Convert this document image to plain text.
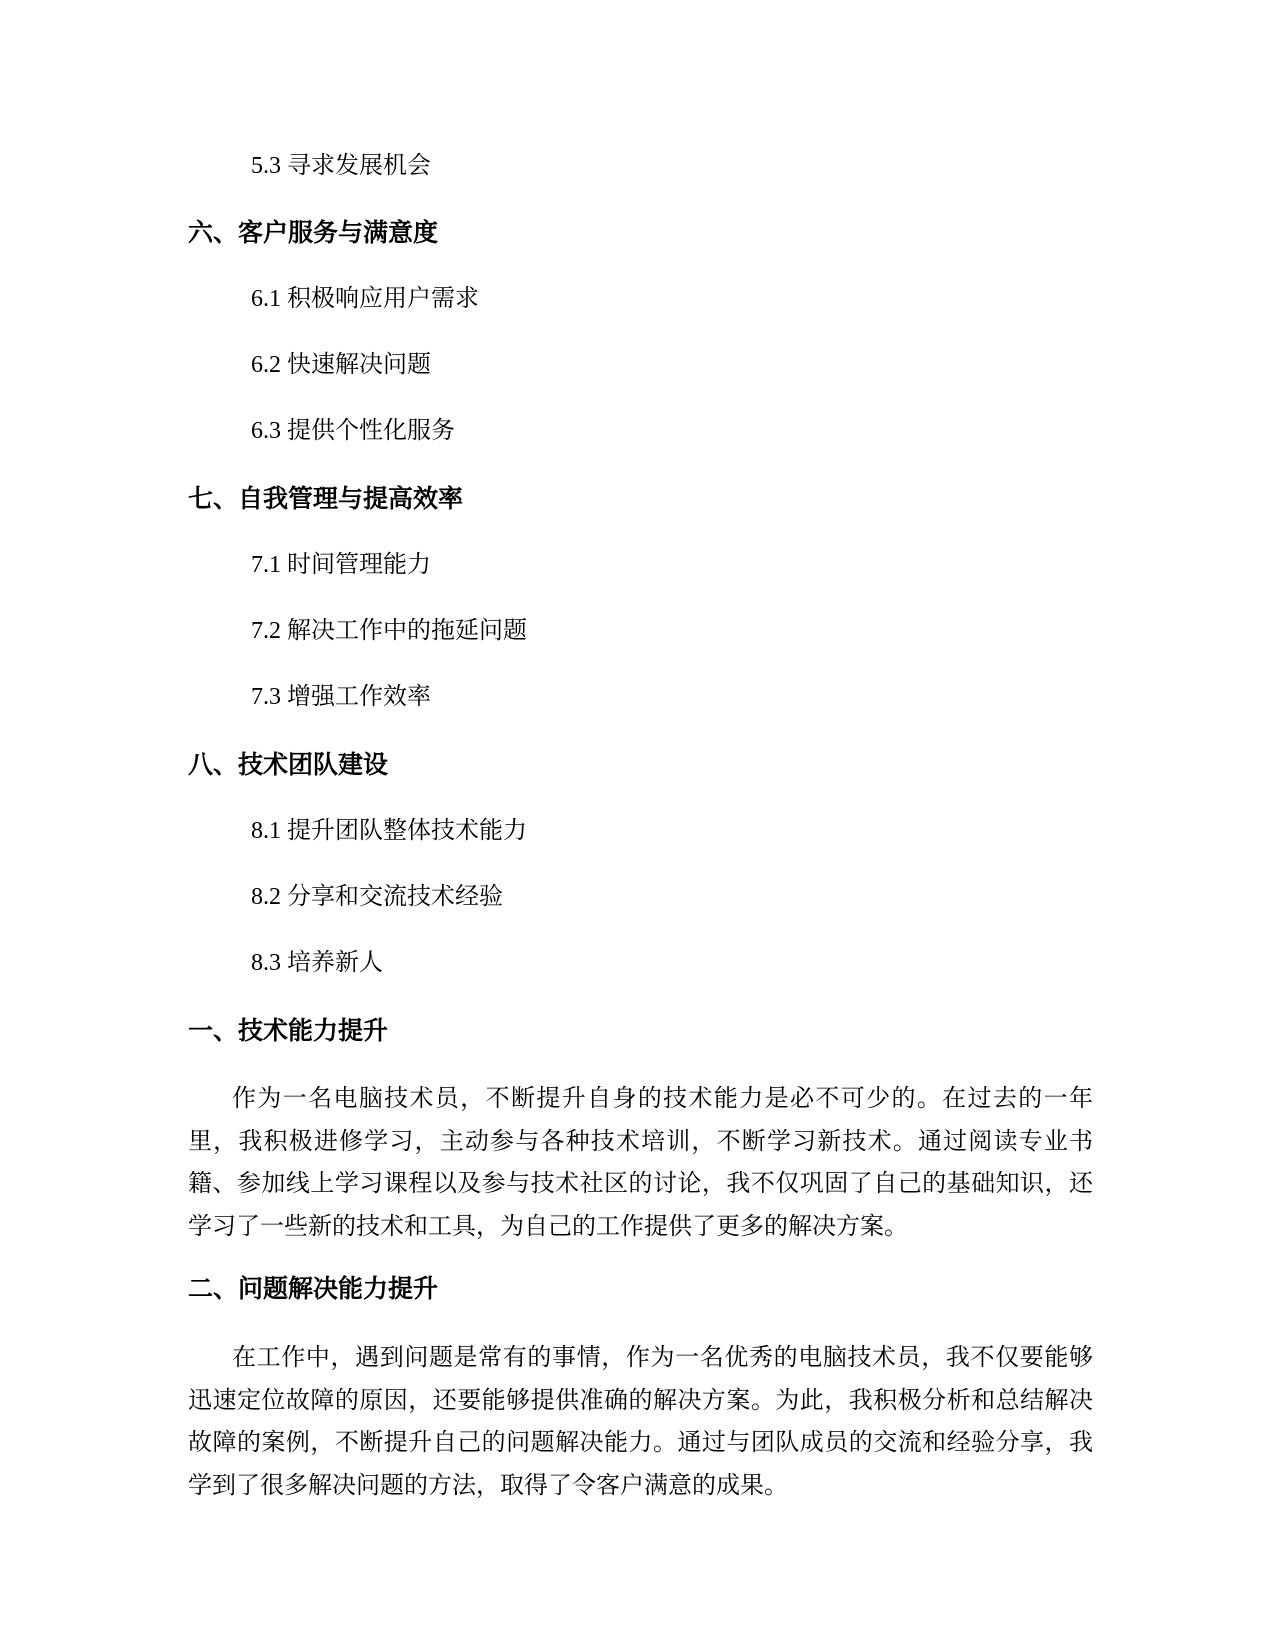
5.3 寻求发展机会
六、客户服务与满意度
6.1 积极响应用户需求
6.2 快速解决问题
6.3 提供个性化服务
七、自我管理与提高效率
7.1 时间管理能力
7.2 解决工作中的拖延问题
7.3 增强工作效率
八、技术团队建设
8.1 提升团队整体技术能力
8.2 分享和交流技术经验
8.3 培养新人
一、技术能力提升

作为一名电脑技术员，不断提升自身的技术能力是必不可少的。在过去的一年里，我积极进修学习，主动参与各种技术培训，不断学习新技术。通过阅读专业书籍、参加线上学习课程以及参与技术社区的讨论，我不仅巩固了自己的基础知识，还学习了一些新的技术和工具，为自己的工作提供了更多的解决方案。

二、问题解决能力提升

在工作中，遇到问题是常有的事情，作为一名优秀的电脑技术员，我不仅要能够迅速定位故障的原因，还要能够提供准确的解决方案。为此，我积极分析和总结解决故障的案例，不断提升自己的问题解决能力。通过与团队成员的交流和经验分享，我学到了很多解决问题的方法，取得了令客户满意的成果。
